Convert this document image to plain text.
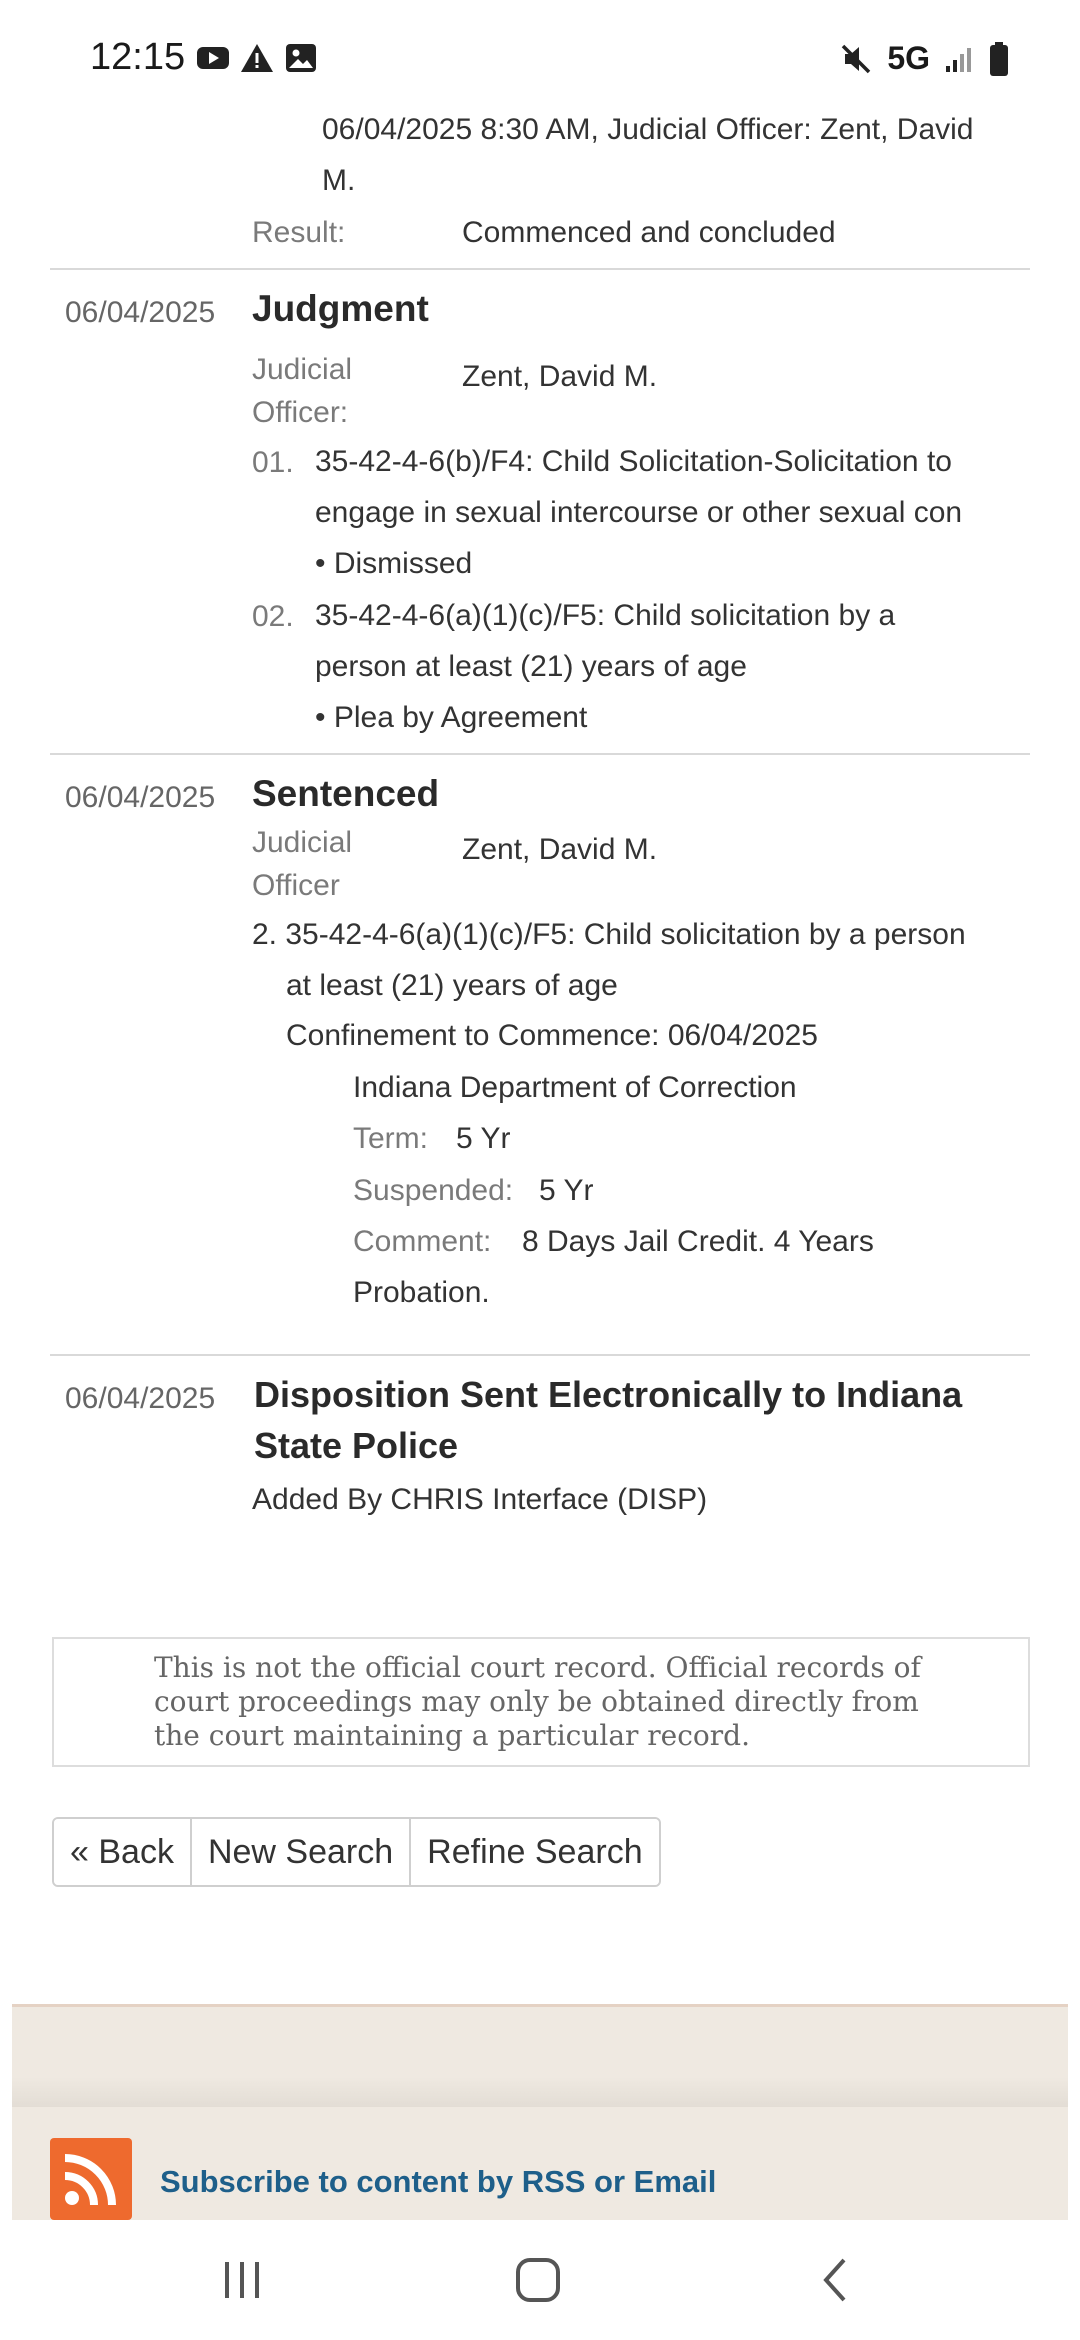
12:15	5G
06/04/2025 8:30 AM, Judicial Officer: Zent, David
M.
Result:	Commenced and concluded
06/04/2025 Judgment
Judicial
Officer:
Zent, David M.
01. 35-42-4-6(b)/F4: Child Solicitation-Solicitation to
engage in sexual intercourse or other sexual con
• Dismissed
02. 35-42-4-6(a)(1)(c)/F5: Child solicitation by a
person at least (21) years of age
• Plea by Agreement
06/04/2025 Sentenced
Judicial
Officer
Zent, David M.
2. 35-42-4-6(a)(1)(c)/F5: Child solicitation by a person
at least (21) years of age
Confinement to Commence: 06/04/2025
Indiana Department of Correction
Term: 5 Yr
Suspended: 5 Yr
Comment: 8 Days Jail Credit. 4 Years
Probation.
06/04/2025 Disposition Sent Electronically to Indiana
State Police
Added By CHRIS Interface (DISP)
This is not the official court record. Official records of
court proceedings may only be obtained directly from
the court maintaining a particular record.
« Back	New Search	Refine Search
Subscribe to content by RSS or Email
